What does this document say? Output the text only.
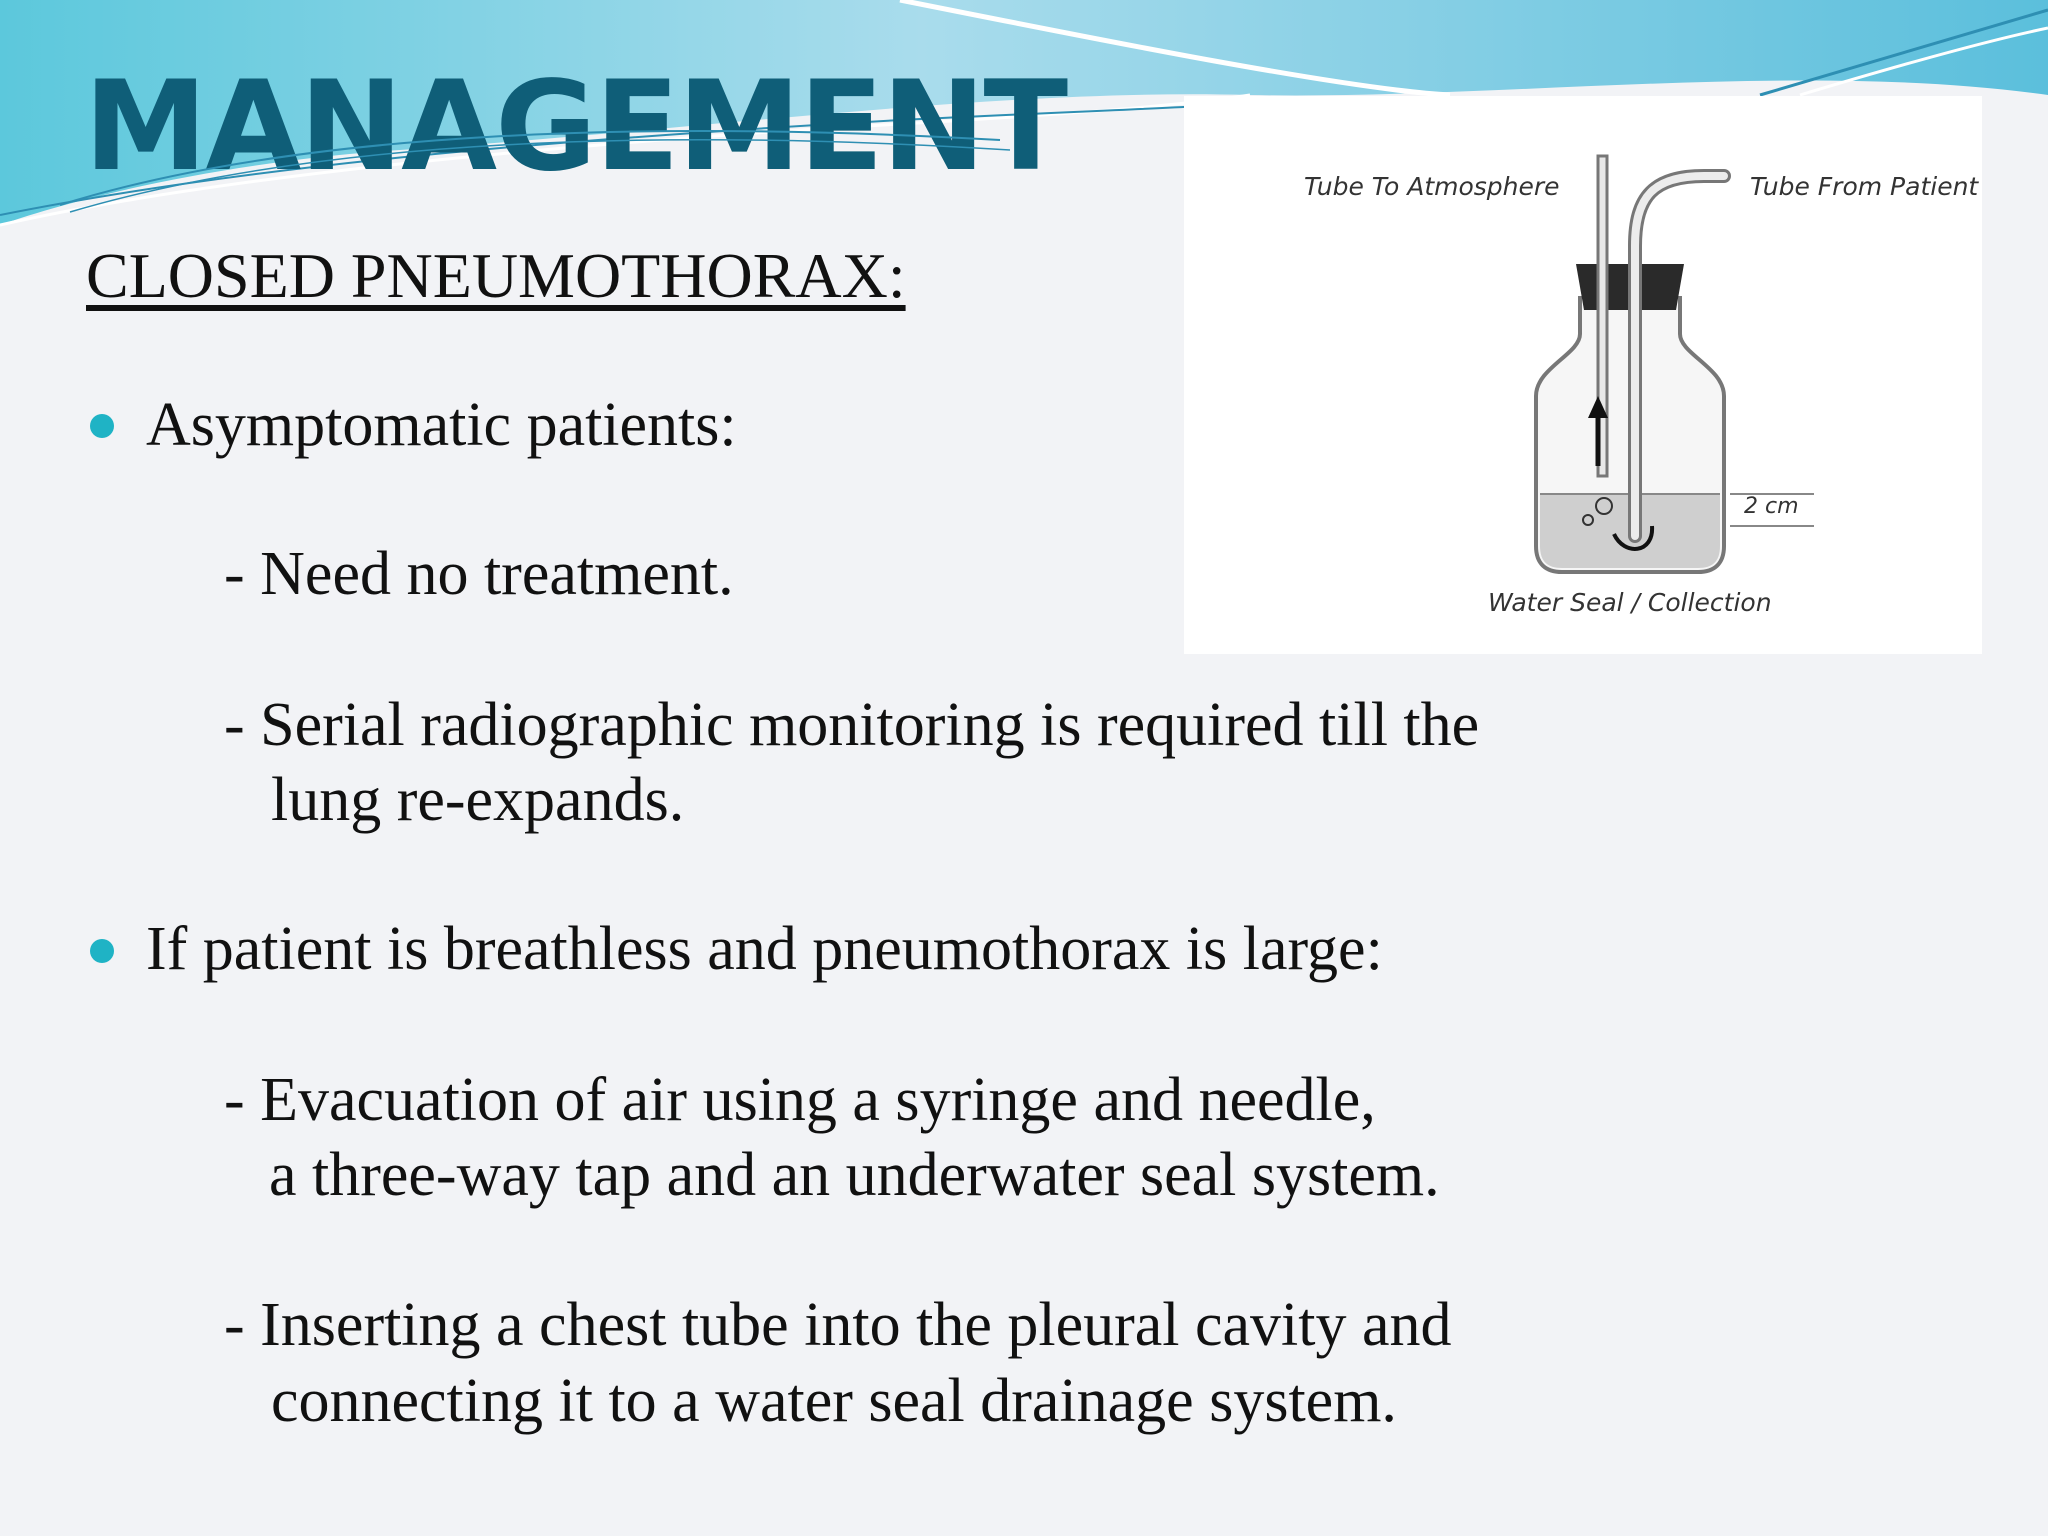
MANAGEMENT
CLOSED PNEUMOTHORAX:
Asymptomatic patients:
- Need no treatment.
- Serial radiographic monitoring is required till the
lung re-expands.
If patient is breathless and pneumothorax is large:
- Evacuation of air using a syringe and needle,
a three-way tap and an underwater seal system.
- Inserting a chest tube into the pleural cavity and
connecting it to a water seal drainage system.
Tube To Atmosphere	Tube From Patient
2 cm
Water Seal / Collection
